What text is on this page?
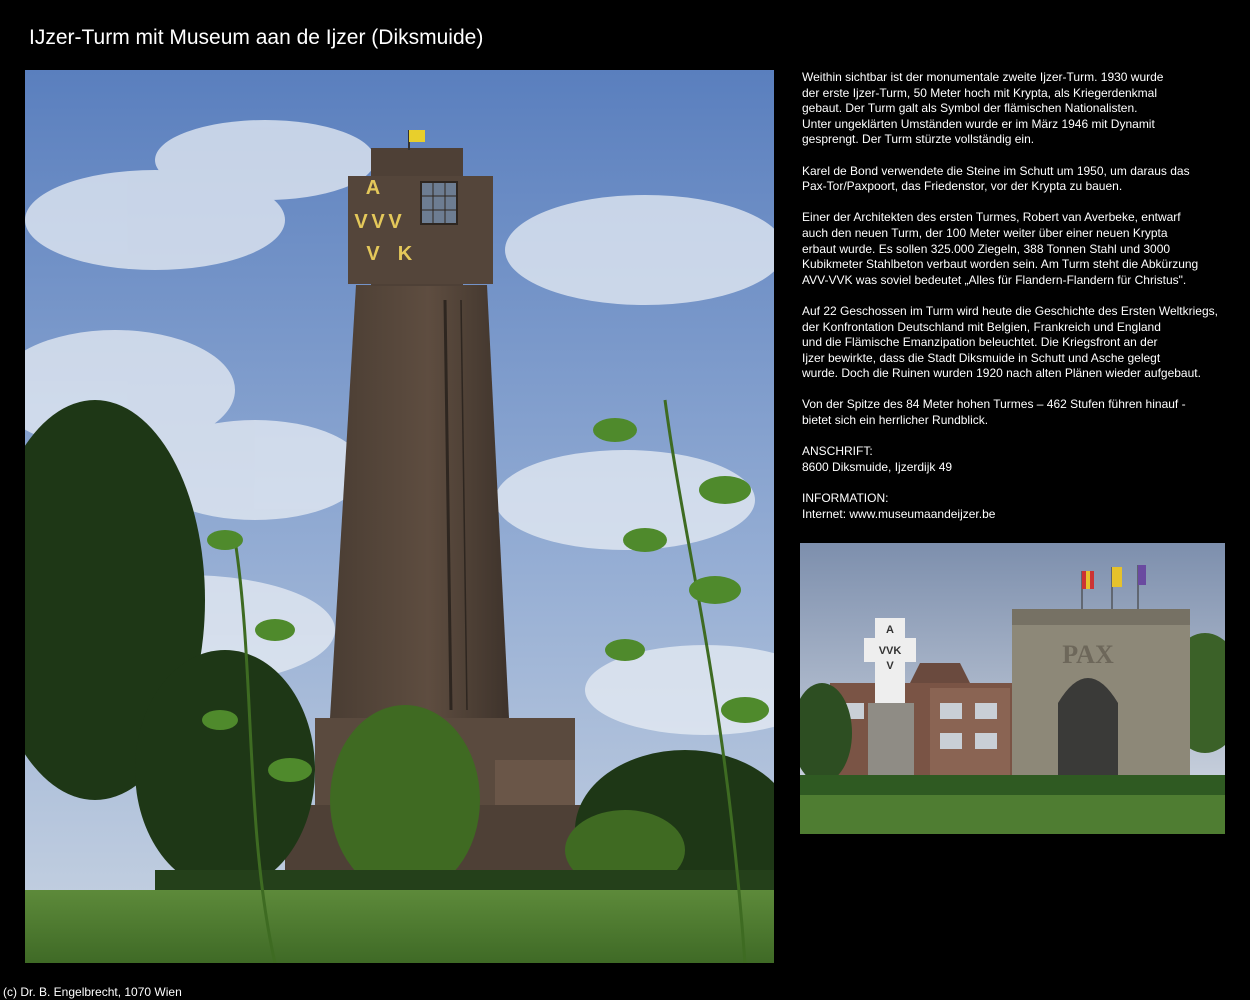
IJzer-Turm mit Museum aan de Ijzer (Diksmuide)
A
V V V
V K
Weithin sichtbar ist der monumentale zweite Ijzer-Turm. 1930 wurde
der erste Ijzer-Turm, 50 Meter hoch mit Krypta, als Kriegerdenkmal
gebaut. Der Turm galt als Symbol der flämischen Nationalisten.
Unter ungeklärten Umständen wurde er im März 1946 mit Dynamit
gesprengt. Der Turm stürzte vollständig ein.
Karel de Bond verwendete die Steine im Schutt um 1950, um daraus das
Pax-Tor/Paxpoort, das Friedenstor, vor der Krypta zu bauen.
Einer der Architekten des ersten Turmes, Robert van Averbeke, entwarf
auch den neuen Turm, der 100 Meter weiter über einer neuen Krypta
erbaut wurde. Es sollen 325.000 Ziegeln, 388 Tonnen Stahl und 3000
Kubikmeter Stahlbeton verbaut worden sein. Am Turm steht die Abkürzung
AVV-VVK was soviel bedeutet „Alles für Flandern-Flandern für Christus".
Auf 22 Geschossen im Turm wird heute die Geschichte des Ersten Weltkriegs,
der Konfrontation Deutschland mit Belgien, Frankreich und England
und die Flämische Emanzipation beleuchtet. Die Kriegsfront an der
Ijzer bewirkte, dass die Stadt Diksmuide in Schutt und Asche gelegt
wurde. Doch die Ruinen wurden 1920 nach alten Plänen wieder aufgebaut.
Von der Spitze des 84 Meter hohen Turmes – 462 Stufen führen hinauf -
bietet sich ein herrlicher Rundblick.
ANSCHRIFT:
8600 Diksmuide, Ijzerdijk 49
INFORMATION:
Internet: www.museumaandeijzer.be
A
VVK
V	PAX
(c) Dr. B. Engelbrecht, 1070 Wien
